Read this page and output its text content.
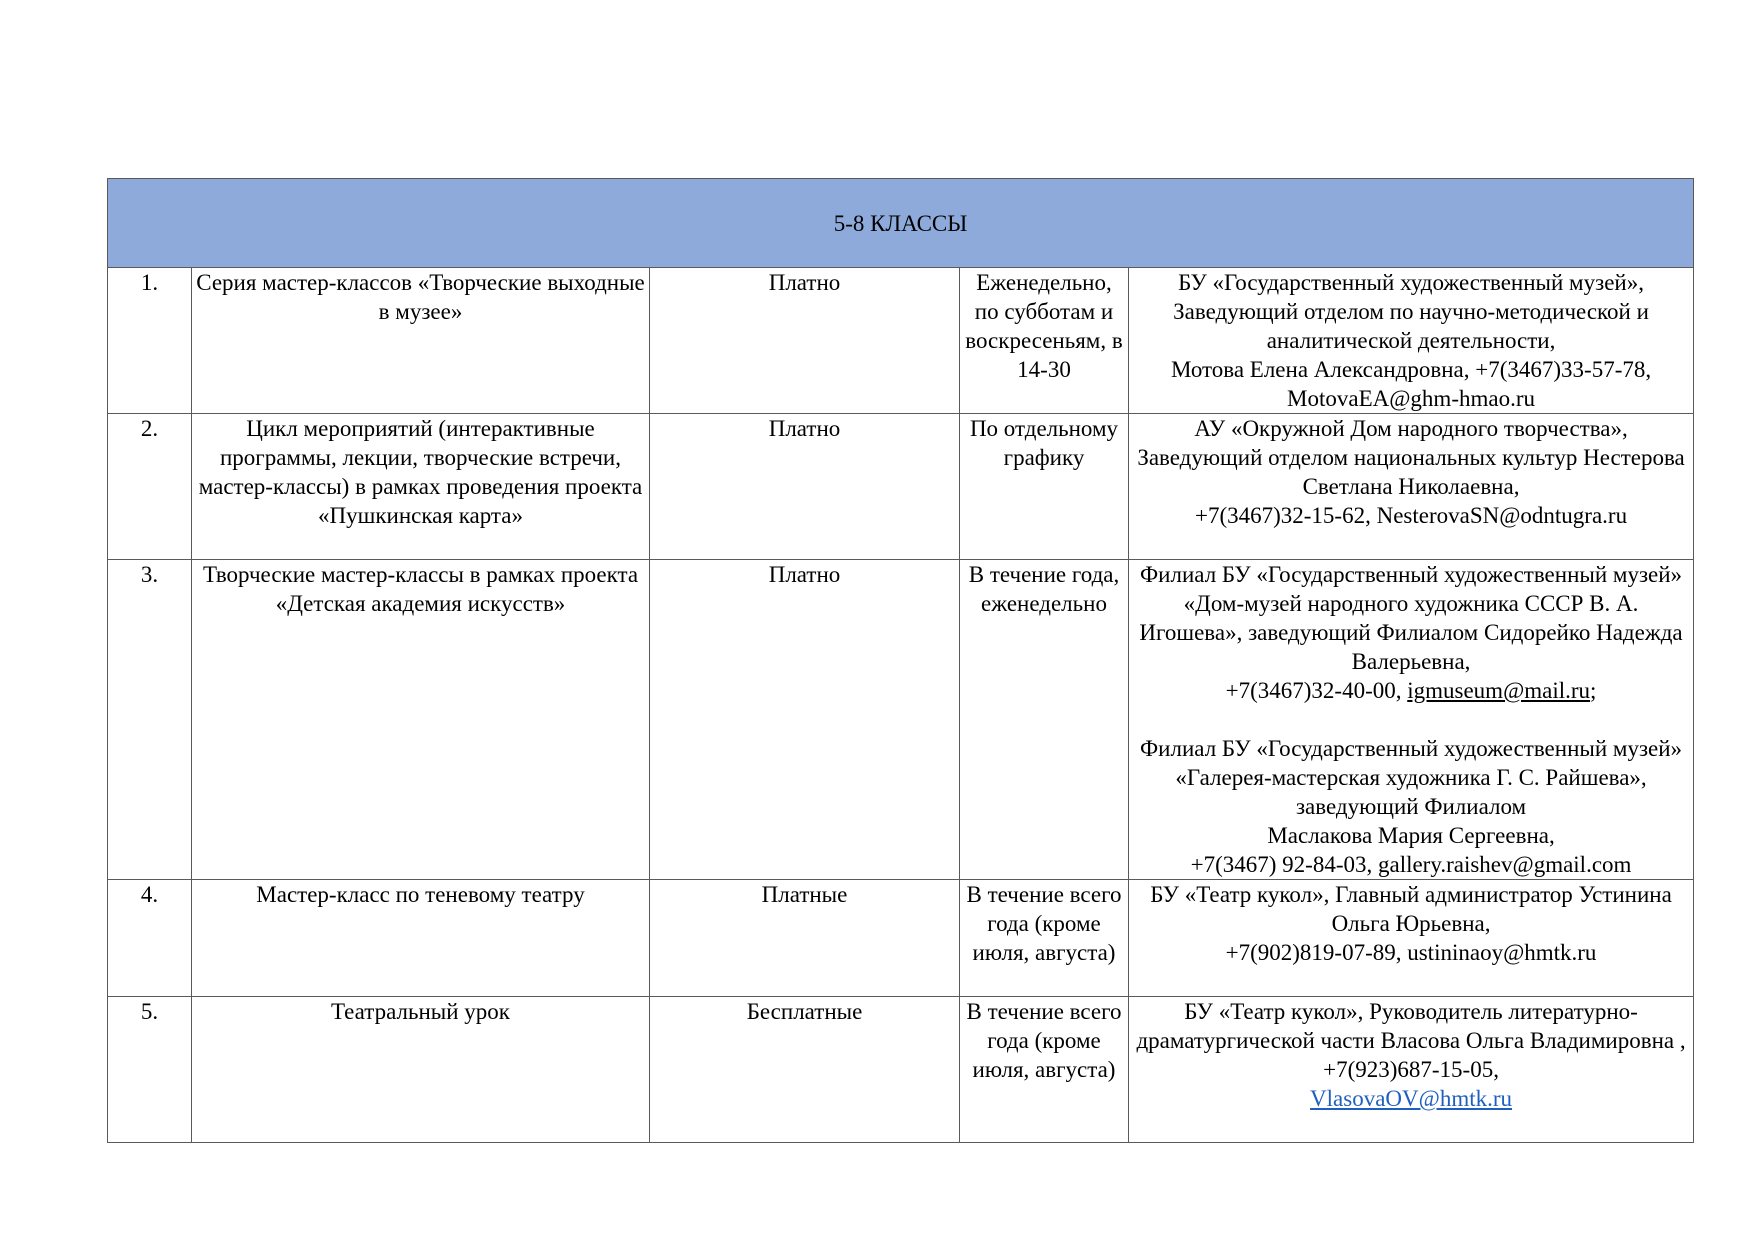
5-8 КЛАССЫ				
1.	Серия мастер-классов «Творческие выходные в музее»	Платно	Еженедельно, по субботам и воскресеньям, в 14-30	БУ «Государственный художественный музей», Заведующий отделом по научно-методической и аналитической деятельности,
Мотова Елена Александровна, +7(3467)33-57-78, MotovaEA@ghm-hmao.ru
2.	Цикл мероприятий (интерактивные программы, лекции, творческие встречи, мастер-классы) в рамках проведения проекта «Пушкинская карта»	Платно	По отдельному графику	АУ «Окружной Дом народного творчества», Заведующий отделом национальных культур Нестерова Светлана Николаевна,
+7(3467)32-15-62, NesterovaSN@odntugra.ru
3.	Творческие мастер-классы в рамках проекта «Детская академия искусств»	Платно	В течение года, еженедельно	Филиал БУ «Государственный художественный музей» «Дом-музей народного художника СССР В. А. Игошева», заведующий Филиалом Сидорейко Надежда Валерьевна,
+7(3467)32-40-00, igmuseum@mail.ru;
Филиал БУ «Государственный художественный музей» «Галерея-мастерская художника Г. С. Райшева», заведующий Филиалом
Маслакова Мария Сергеевна,
+7(3467) 92-84-03, gallery.raishev@gmail.com

4.	Мастер-класс по теневому театру	Платные	В течение всего года (кроме июля, августа)	БУ «Театр кукол», Главный администратор Устинина Ольга Юрьевна,
+7(902)819-07-89, ustininaoy@hmtk.ru
5.	Театральный урок	Бесплатные	В течение всего года (кроме июля, августа)	БУ «Театр кукол», Руководитель литературно-драматургической части Власова Ольга Владимировна , +7(923)687-15-05,
VlasovaOV@hmtk.ru
